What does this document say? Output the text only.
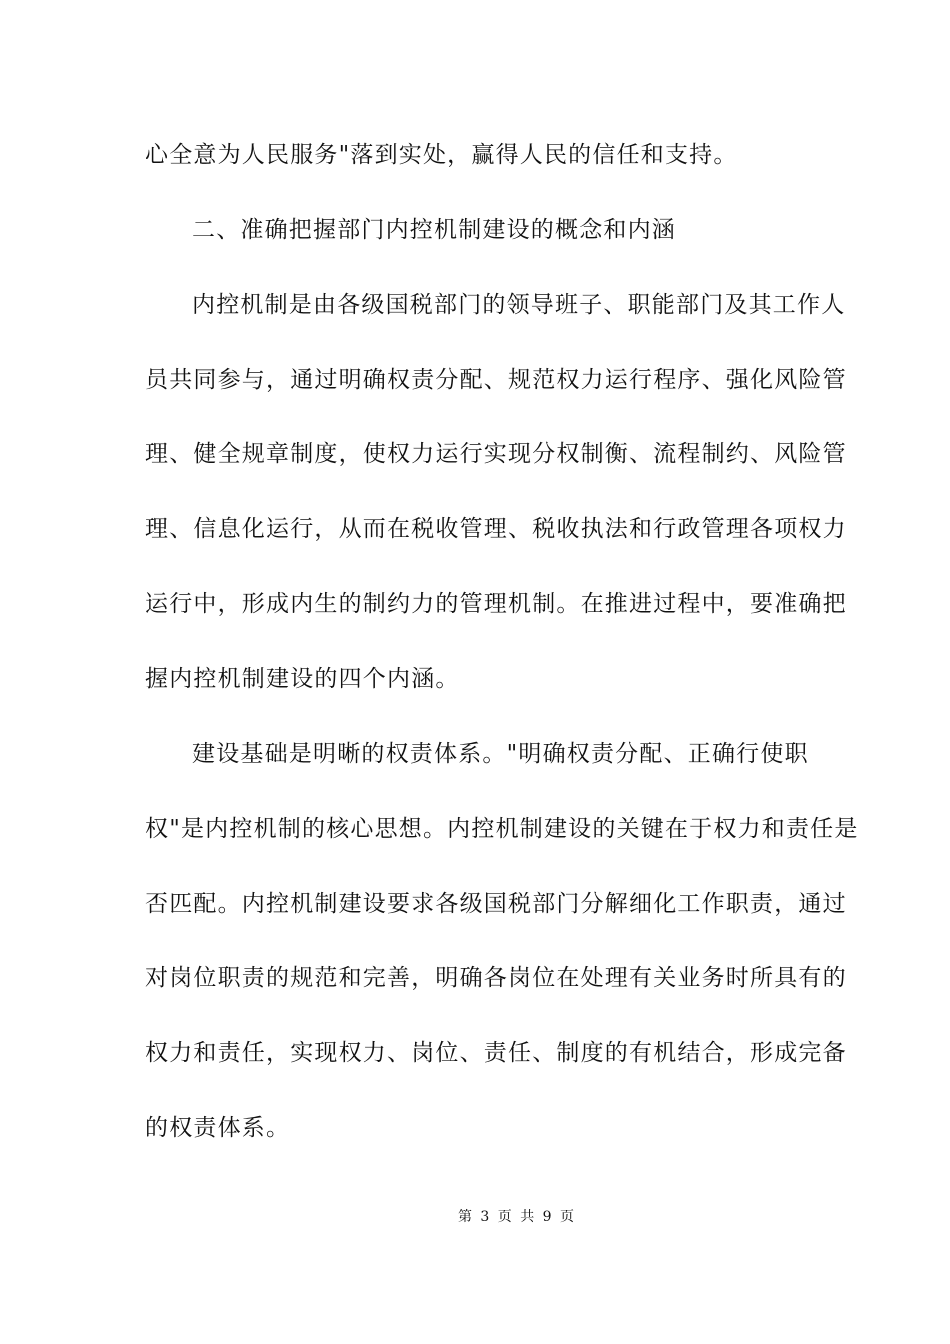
心全意为人民服务"落到实处，赢得人民的信任和支持。
二、准确把握部门内控机制建设的概念和内涵
内控机制是由各级国税部门的领导班子、职能部门及其工作人
员共同参与，通过明确权责分配、规范权力运行程序、强化风险管
理、健全规章制度，使权力运行实现分权制衡、流程制约、风险管
理、信息化运行，从而在税收管理、税收执法和行政管理各项权力
运行中，形成内生的制约力的管理机制。在推进过程中，要准确把
握内控机制建设的四个内涵。
建设基础是明晰的权责体系。"明确权责分配、正确行使职
权"是内控机制的核心思想。内控机制建设的关键在于权力和责任是
否匹配。内控机制建设要求各级国税部门分解细化工作职责，通过
对岗位职责的规范和完善，明确各岗位在处理有关业务时所具有的
权力和责任，实现权力、岗位、责任、制度的有机结合，形成完备
的权责体系。
第 3 页 共 9 页
